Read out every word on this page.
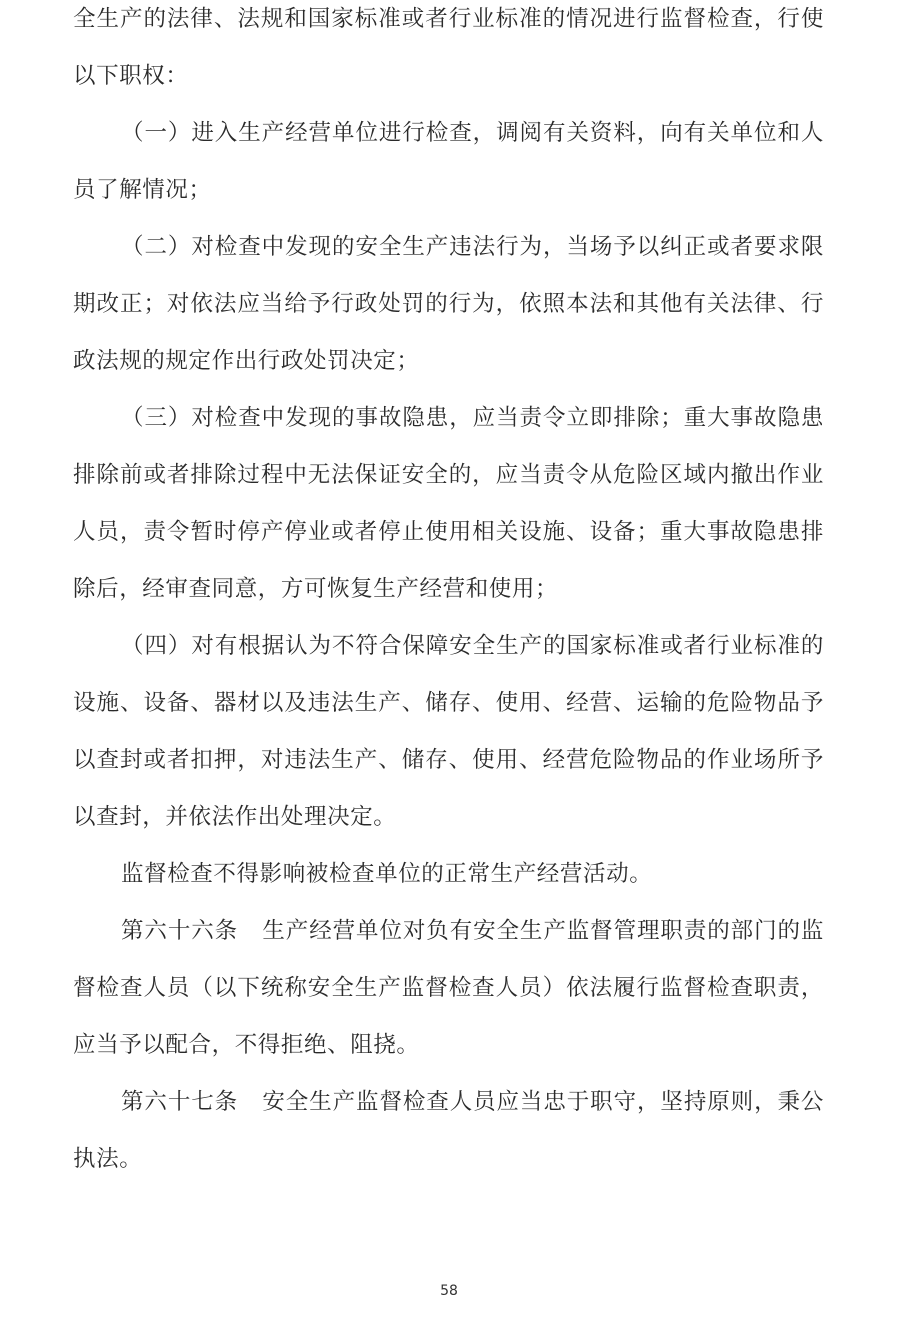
全生产的法律、法规和国家标准或者行业标准的情况进行监督检查，行使以下职权：

（一）进入生产经营单位进行检查，调阅有关资料，向有关单位和人员了解情况；

（二）对检查中发现的安全生产违法行为，当场予以纠正或者要求限期改正；对依法应当给予行政处罚的行为，依照本法和其他有关法律、行政法规的规定作出行政处罚决定；

（三）对检查中发现的事故隐患，应当责令立即排除；重大事故隐患排除前或者排除过程中无法保证安全的，应当责令从危险区域内撤出作业人员，责令暂时停产停业或者停止使用相关设施、设备；重大事故隐患排除后，经审查同意，方可恢复生产经营和使用；

（四）对有根据认为不符合保障安全生产的国家标准或者行业标准的设施、设备、器材以及违法生产、储存、使用、经营、运输的危险物品予以查封或者扣押，对违法生产、储存、使用、经营危险物品的作业场所予以查封，并依法作出处理决定。

监督检查不得影响被检查单位的正常生产经营活动。

第六十六条 生产经营单位对负有安全生产监督管理职责的部门的监督检查人员（以下统称安全生产监督检查人员）依法履行监督检查职责，应当予以配合，不得拒绝、阻挠。

第六十七条 安全生产监督检查人员应当忠于职守，坚持原则，秉公执法。

58
